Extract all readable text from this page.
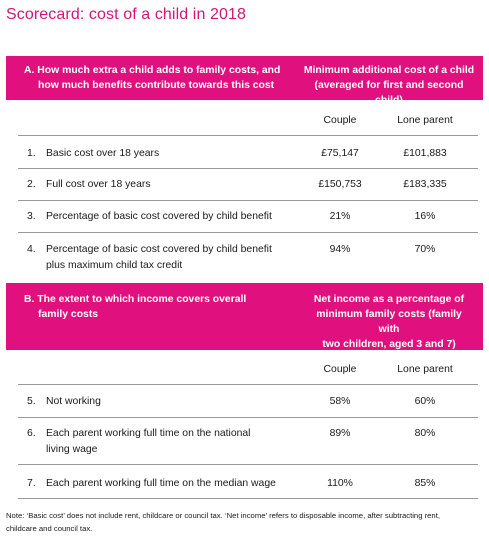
Scorecard: cost of a child in 2018
A. How much extra a child adds to family costs, and
how much benefits contribute towards this cost
Minimum additional cost of a child
(averaged for first and second child)
Couple	Lone parent
1. Basic cost over 18 years	£75,147	£101,883
2. Full cost over 18 years	£150,753	£183,335
3. Percentage of basic cost covered by child benefit	21%	16%
4. Percentage of basic cost covered by child benefit
plus maximum child tax credit
94%	70%
B. The extent to which income covers overall
family costs
Net income as a percentage of
minimum family costs (family with
two children, aged 3 and 7)
Couple	Lone parent
5. Not working	58%	60%
6. Each parent working full time on the national
living wage
89%	80%
7. Each parent working full time on the median wage	110%	85%
Note: ‘Basic cost’ does not include rent, childcare or council tax. ‘Net income’ refers to disposable income, after subtracting rent,
childcare and council tax.
